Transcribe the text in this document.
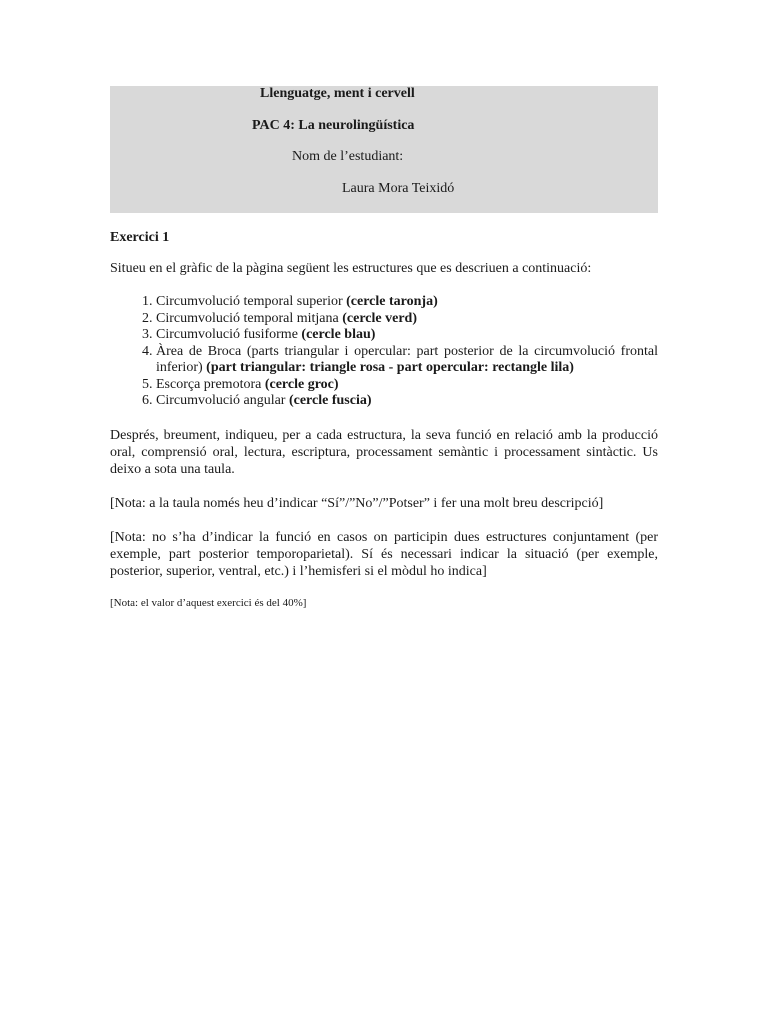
Llenguatge, ment i cervell
PAC 4: La neurolingüística
Nom de l’estudiant:
Laura Mora Teixidó
Exercici 1

Situeu en el gràfic de la pàgina següent les estructures que es descriuen a continuació:

1. Circumvolució temporal superior (cercle taronja)
2. Circumvolució temporal mitjana (cercle verd)
3. Circumvolució fusiforme (cercle blau)
4. Àrea de Broca (parts triangular i opercular: part posterior de la circumvolució frontal inferior) (part triangular: triangle rosa - part opercular: rectangle lila)
5. Escorça premotora (cercle groc)
6. Circumvolució angular (cercle fuscia)

Després, breument, indiqueu, per a cada estructura, la seva funció en relació amb la producció oral, comprensió oral, lectura, escriptura, processament semàntic i processament sintàctic. Us deixo a sota una taula.

[Nota: a la taula només heu d’indicar “Sí”/”No”/”Potser” i fer una molt breu descripció]

[Nota: no s’ha d’indicar la funció en casos on participin dues estructures conjuntament (per exemple, part posterior temporoparietal). Sí és necessari indicar la situació (per exemple, posterior, superior, ventral, etc.) i l’hemisferi si el mòdul ho indica]

[Nota: el valor d’aquest exercici és del 40%]
